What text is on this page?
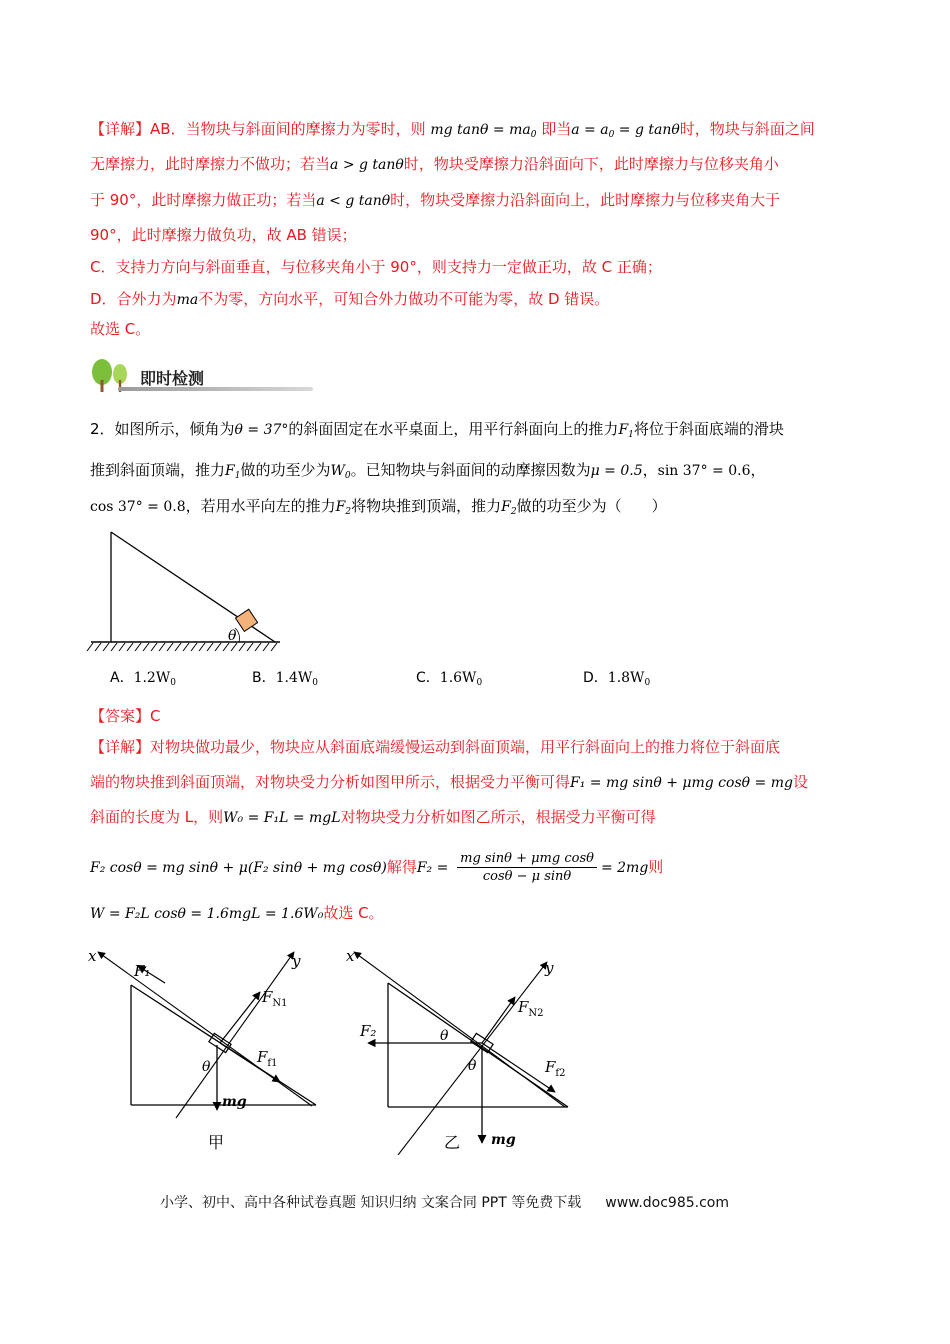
【详解】AB．当物块与斜面间的摩擦力为零时，则 mg $\tan\theta = ma_0$ 即当$a = a_0 = g$ tanθ时，物块与斜面之间
无摩擦力，此时摩擦力不做功；若当a > g tanθ时，物块受摩擦力沿斜面向下，此时摩擦力与位移夹角小
于 90°，此时摩擦力做正功；若当a < g tanθ时，物块受摩擦力沿斜面向上，此时摩擦力与位移夹角大于
90°，此时摩擦力做负功，故 AB 错误；
C．支持力方向与斜面垂直，与位移夹角小于 90°，则支持力一定做正功，故 C 正确；
D．合外力为ma不为零，方向水平，可知合外力做功不可能为零，故 D 错误。
故选 C。
即时检测
2．如图所示，倾角为θ = 37°的斜面固定在水平桌面上，用平行斜面向上的推力$F_1$将位于斜面底端的滑块
推到斜面顶端，推力$F_1$做的功至少为$W_0$。已知物块与斜面间的动摩擦因数为μ = 0.5，sin 37° = 0.6，
cos 37° = 0.8，若用水平向左的推力$F_2$将物块推到顶端，推力$F_2$做的功至少为（　　）
θ
A．$1.2W_0$	B．$1.4W_0$	C．$1.6W_0$	D．$1.8W_0$
【答案】C
【详解】对物块做功最少，物块应从斜面底端缓慢运动到斜面顶端，用平行斜面向上的推力将位于斜面底
端的物块推到斜面顶端，对物块受力分析如图甲所示，根据受力平衡可得F₁ = mg sinθ + μmg cosθ = mg设
斜面的长度为 L，则W₀ = F₁L = mgL对物块受力分析如图乙所示，根据受力平衡可得
F₂ cosθ = mg sinθ + μ(F₂ sinθ + mg cosθ)解得F₂ =
mg sinθ + μmg cosθ
cosθ − μ sinθ
= 2mg则
W = F₂L cosθ = 1.6mgL = 1.6W₀故选 C。
x	y
F₁
$F_{N1}$
$F_{f1}$
θ
mg
甲
x
y
F₂
$F_{N2}$
$F_{f2}$
θ
θ
mg
乙
小学、初中、高中各种试卷真题 知识归纳 文案合同 PPT 等免费下载 www.doc985.com
